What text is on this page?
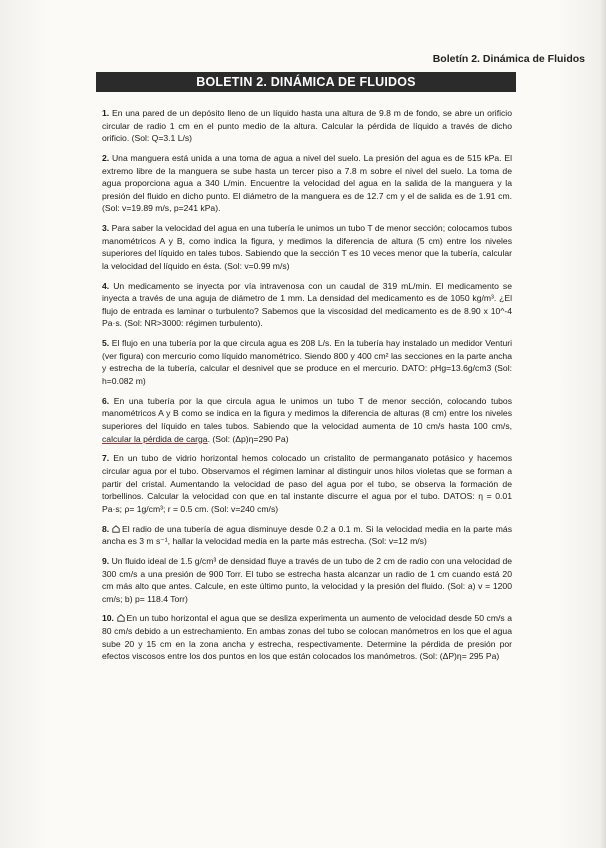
Boletín 2. Dinámica de Fluidos
BOLETIN 2. DINÁMICA DE FLUIDOS

1. En una pared de un depósito lleno de un líquido hasta una altura de 9.8 m de fondo, se abre un orificio circular de radio 1 cm en el punto medio de la altura. Calcular la pérdida de líquido a través de dicho orificio. (Sol: Q=3.1 L/s)

2. Una manguera está unida a una toma de agua a nivel del suelo. La presión del agua es de 515 kPa. El extremo libre de la manguera se sube hasta un tercer piso a 7.8 m sobre el nivel del suelo. La toma de agua proporciona agua a 340 L/min. Encuentre la velocidad del agua en la salida de la manguera y la presión del fluido en dicho punto. El diámetro de la manguera es de 12.7 cm y el de salida es de 1.91 cm. (Sol: v=19.89 m/s, p=241 kPa).

3. Para saber la velocidad del agua en una tubería le unimos un tubo T de menor sección; colocamos tubos manométricos A y B, como indica la figura, y medimos la diferencia de altura (5 cm) entre los niveles superiores del líquido en tales tubos. Sabiendo que la sección T es 10 veces menor que la tubería, calcular la velocidad del líquido en ésta. (Sol: v=0.99 m/s)

4. Un medicamento se inyecta por vía intravenosa con un caudal de 319 mL/min. El medicamento se inyecta a través de una aguja de diámetro de 1 mm. La densidad del medicamento es de 1050 kg/m³. ¿El flujo de entrada es laminar o turbulento? Sabemos que la viscosidad del medicamento es de 8.90 x 10^-4 Pa·s. (Sol: NR>3000: régimen turbulento).

5. El flujo en una tubería por la que circula agua es 208 L/s. En la tubería hay instalado un medidor Venturi (ver figura) con mercurio como líquido manométrico. Siendo 800 y 400 cm² las secciones en la parte ancha y estrecha de la tubería, calcular el desnivel que se produce en el mercurio. DATO: ρHg=13.6g/cm3 (Sol: h=0.082 m)

6. En una tubería por la que circula agua le unimos un tubo T de menor sección, colocando tubos manométricos A y B como se indica en la figura y medimos la diferencia de alturas (8 cm) entre los niveles superiores del líquido en tales tubos. Sabiendo que la velocidad aumenta de 10 cm/s hasta 100 cm/s, calcular la pérdida de carga. (Sol: (Δp)η=290 Pa)

7. En un tubo de vidrio horizontal hemos colocado un cristalito de permanganato potásico y hacemos circular agua por el tubo. Observamos el régimen laminar al distinguir unos hilos violetas que se forman a partir del cristal. Aumentando la velocidad de paso del agua por el tubo, se observa la formación de torbellinos. Calcular la velocidad con que en tal instante discurre el agua por el tubo. DATOS: η = 0.01 Pa·s; ρ= 1g/cm³; r = 0.5 cm. (Sol: v=240 cm/s)

8. El radio de una tubería de agua disminuye desde 0.2 a 0.1 m. Si la velocidad media en la parte más ancha es 3 m s⁻¹, hallar la velocidad media en la parte más estrecha. (Sol: v=12 m/s)

9. Un fluido ideal de 1.5 g/cm³ de densidad fluye a través de un tubo de 2 cm de radio con una velocidad de 300 cm/s a una presión de 900 Torr. El tubo se estrecha hasta alcanzar un radio de 1 cm cuando está 20 cm más alto que antes. Calcule, en este último punto, la velocidad y la presión del fluido. (Sol: a) v = 1200 cm/s; b) p= 118.4 Torr)

10. En un tubo horizontal el agua que se desliza experimenta un aumento de velocidad desde 50 cm/s a 80 cm/s debido a un estrechamiento. En ambas zonas del tubo se colocan manómetros en los que el agua sube 20 y 15 cm en la zona ancha y estrecha, respectivamente. Determine la pérdida de presión por efectos viscosos entre los dos puntos en los que están colocados los manómetros. (Sol: (ΔP)η= 295 Pa)
